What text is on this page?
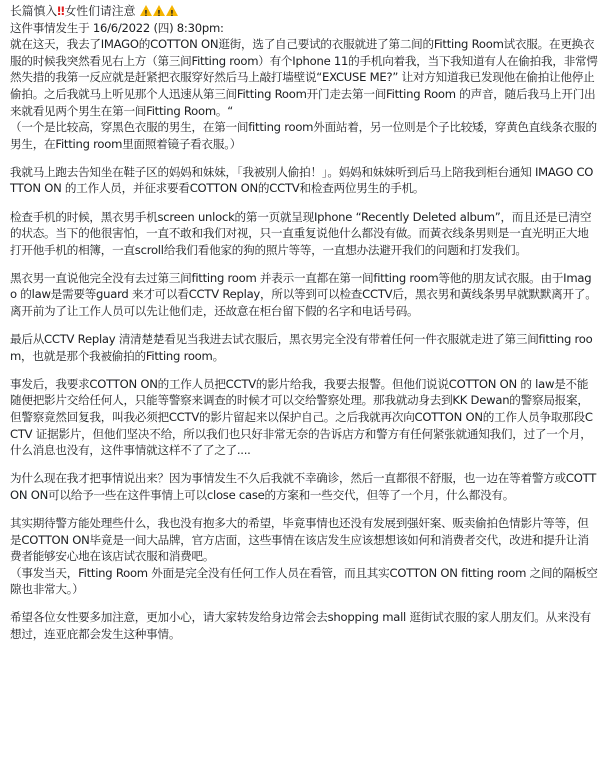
长篇慎入‼ 女性们请注意 !!!

这件事情发生于 16/6/2022 (四) 8:30pm:
就在这天，我去了IMAGO的COTTON ON逛街，选了自己要试的衣服就进了第二间的Fitting Room试衣服。在更换衣服的时候我突然看见右上方（第三间Fitting room）有个Iphone 11的手机向着我，当下我知道有人在偷拍我，非常愕然失措的我第一反应就是赶紧把衣服穿好然后马上敲打墙壁说“EXCUSE ME?” 让对方知道我已发现他在偷拍让他停止偷拍。之后我就马上听见那个人迅速从第三间Fitting Room开门走去第一间Fitting Room 的声音，随后我马上开门出来就看见两个男生在第一间Fitting Room。“
（一个是比较高，穿黑色衣服的男生，在第一间fitting room外面站着，另一位则是个子比较矮，穿黄色直线条衣服的男生，在Fitting room里面照着镜子看衣服。）

我就马上跑去告知坐在鞋子区的妈妈和妹妹，「我被别人偷拍！」。妈妈和妹妹听到后马上陪我到柜台通知 IMAGO COTTON ON 的工作人员，并征求要看COTTON ON的CCTV和检查两位男生的手机。

检查手机的时候，黑衣男手机screen unlock的第一页就呈现Iphone “Recently Deleted album”，而且还是已清空的状态。当下的他很害怕，一直不敢和我们对视，只一直重复说他什么都没有做。而黃衣线条男则是一直光明正大地打开他手机的相簿，一直scroll给我们看他家的狗的照片等等，一直想办法避开我们的问题和打发我们。

黑衣男一直说他完全没有去过第三间fitting room 并表示一直都在第一间fitting room等他的朋友试衣服。由于Imago 的law是需要等guard 来才可以看CCTV Replay，所以等到可以检查CCTV后，黑衣男和黃线条男早就默默离开了。离开前为了让工作人员可以先让他们走，还故意在柜台留下假的名字和电话号码。

最后从CCTV Replay 清清楚楚看见当我进去试衣服后，黑衣男完全没有带着任何一件衣服就走进了第三间fitting room，也就是那个我被偷拍的Fitting room。

事发后，我要求COTTON ON的工作人员把CCTV的影片给我，我要去报警。但他们说说COTTON ON 的 law是不能随便把影片交给任何人，只能等警察来调查的时候才可以交给警察处理。那我就动身去到KK Dewan的警察局报案，但警察竟然回复我，叫我必须把CCTV的影片留起来以保护自己。之后我就再次向COTTON ON的工作人员争取那段CCTV 证据影片，但他们坚决不给，所以我们也只好非常无奈的告诉店方和警方有任何紧张就通知我们，过了一个月，什么消息也没有，这件事情就这样不了了之了....

为什么现在我才把事情说出来？因为事情发生不久后我就不幸确诊，然后一直都很不舒服，也一边在等着警方或COTTON ON可以给予一些在这件事情上可以close case的方案和一些交代，但等了一个月，什么都没有。

其实期待警方能处理些什么，我也没有抱多大的希望，毕竟事情也还没有发展到强奸案、贩卖偷拍色情影片等等，但是COTTON ON毕竟是一间大品牌，官方店面，这些事情在该店发生应该想想该如何和消费者交代，改进和提升让消费者能够安心地在该店试衣服和消费吧。
（事发当天，Fitting Room 外面是完全没有任何工作人员在看管，而且其实COTTON ON fitting room 之间的隔板空隙也非常大。）

希望各位女性要多加注意，更加小心，请大家转发给身边常会去shopping mall 逛街试衣服的家人朋友们。从来没有想过，连亚庇都会发生这种事情。
